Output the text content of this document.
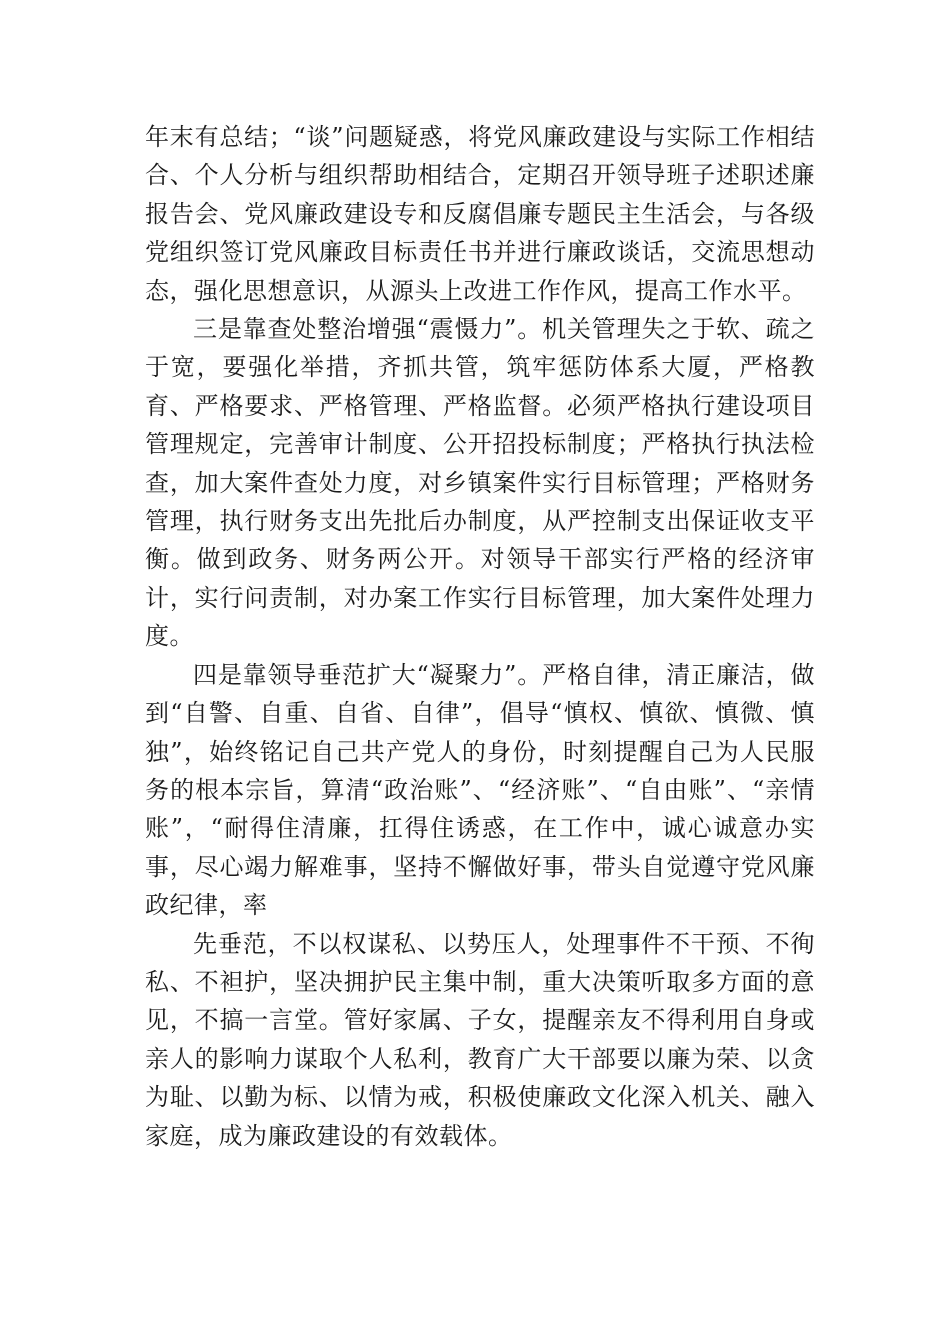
年末有总结；“谈”问题疑惑，将党风廉政建设与实际工作相结合、个人分析与组织帮助相结合，定期召开领导班子述职述廉报告会、党风廉政建设专和反腐倡廉专题民主生活会，与各级党组织签订党风廉政目标责任书并进行廉政谈话，交流思想动态，强化思想意识，从源头上改进工作作风，提高工作水平。

三是靠查处整治增强“震慑力”。机关管理失之于软、疏之于宽，要强化举措，齐抓共管，筑牢惩防体系大厦，严格教育、严格要求、严格管理、严格监督。必须严格执行建设项目管理规定，完善审计制度、公开招投标制度；严格执行执法检查，加大案件查处力度，对乡镇案件实行目标管理；严格财务管理，执行财务支出先批后办制度，从严控制支出保证收支平衡。做到政务、财务两公开。对领导干部实行严格的经济审计，实行问责制，对办案工作实行目标管理，加大案件处理力度。

四是靠领导垂范扩大“凝聚力”。严格自律，清正廉洁，做到“自警、自重、自省、自律”，倡导“慎权、慎欲、慎微、慎独”，始终铭记自己共产党人的身份，时刻提醒自己为人民服务的根本宗旨，算清“政治账”、“经济账”、“自由账”、“亲情账”，“耐得住清廉，扛得住诱惑，在工作中，诚心诚意办实事，尽心竭力解难事，坚持不懈做好事，带头自觉遵守党风廉政纪律，率

先垂范，不以权谋私、以势压人，处理事件不干预、不徇私、不袒护，坚决拥护民主集中制，重大决策听取多方面的意见，不搞一言堂。管好家属、子女，提醒亲友不得利用自身或亲人的影响力谋取个人私利，教育广大干部要以廉为荣、以贪为耻、以勤为标、以情为戒，积极使廉政文化深入机关、融入家庭，成为廉政建设的有效载体。
